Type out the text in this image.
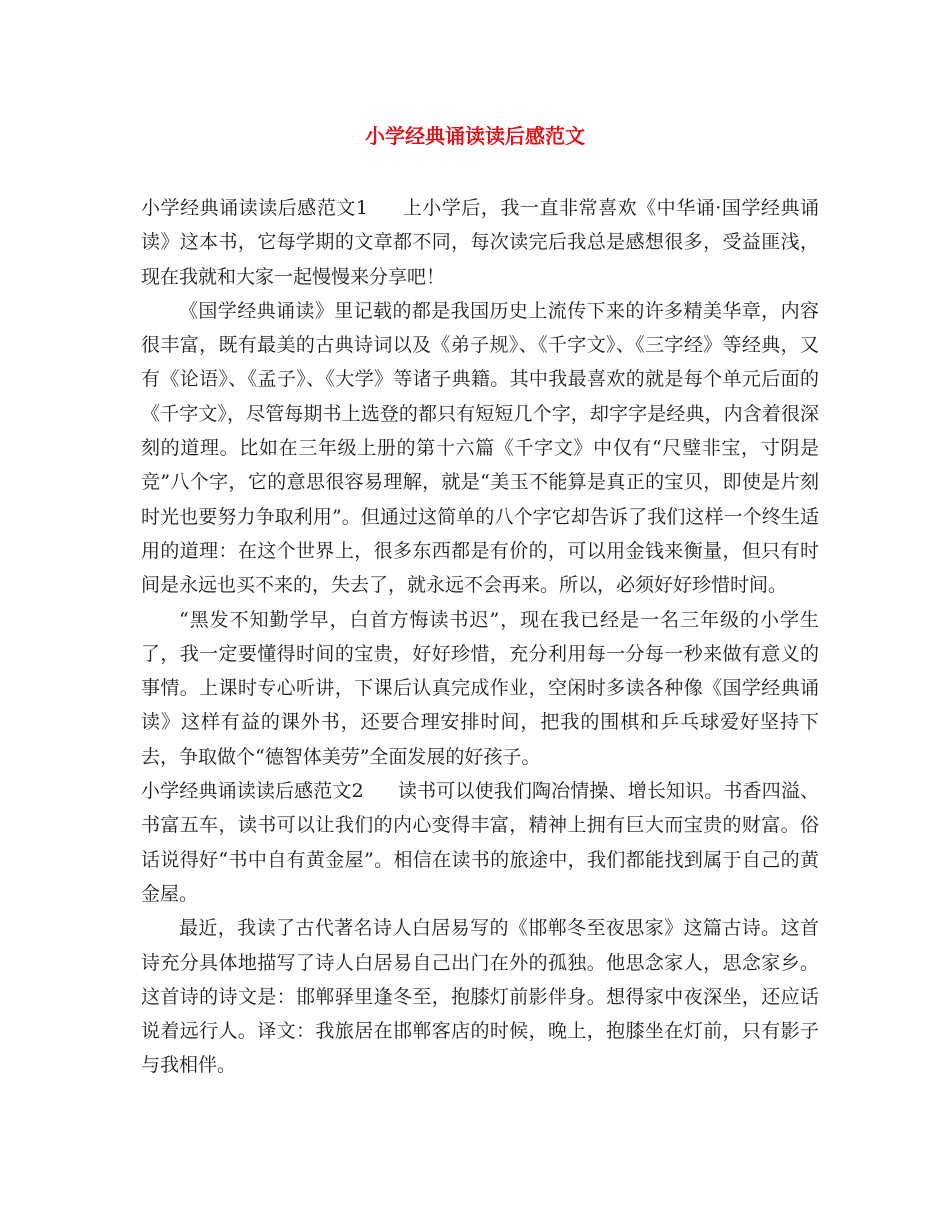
小学经典诵读读后感范文

小学经典诵读读后感范文1 上小学后，我一直非常喜欢《中华诵·国学经典诵读》这本书，它每学期的文章都不同，每次读完后我总是感想很多，受益匪浅，现在我就和大家一起慢慢来分享吧！

《国学经典诵读》里记载的都是我国历史上流传下来的许多精美华章，内容很丰富，既有最美的古典诗词以及《弟子规》、《千字文》、《三字经》等经典，又有《论语》、《孟子》、《大学》等诸子典籍。其中我最喜欢的就是每个单元后面的《千字文》，尽管每期书上选登的都只有短短几个字，却字字是经典，内含着很深刻的道理。比如在三年级上册的第十六篇《千字文》中仅有“尺璧非宝，寸阴是竞”八个字，它的意思很容易理解，就是“美玉不能算是真正的宝贝，即使是片刻时光也要努力争取利用”。但通过这简单的八个字它却告诉了我们这样一个终生适用的道理：在这个世界上，很多东西都是有价的，可以用金钱来衡量，但只有时间是永远也买不来的，失去了，就永远不会再来。所以，必须好好珍惜时间。

“黑发不知勤学早，白首方悔读书迟”，现在我已经是一名三年级的小学生了，我一定要懂得时间的宝贵，好好珍惜，充分利用每一分每一秒来做有意义的事情。上课时专心听讲，下课后认真完成作业，空闲时多读各种像《国学经典诵读》这样有益的课外书，还要合理安排时间，把我的围棋和乒乓球爱好坚持下去，争取做个“德智体美劳”全面发展的好孩子。

小学经典诵读读后感范文2 读书可以使我们陶冶情操、增长知识。书香四溢、书富五车，读书可以让我们的内心变得丰富，精神上拥有巨大而宝贵的财富。俗话说得好“书中自有黄金屋”。相信在读书的旅途中，我们都能找到属于自己的黄金屋。

最近，我读了古代著名诗人白居易写的《邯郸冬至夜思家》这篇古诗。这首诗充分具体地描写了诗人白居易自己出门在外的孤独。他思念家人，思念家乡。这首诗的诗文是：邯郸驿里逢冬至，抱膝灯前影伴身。想得家中夜深坐，还应话说着远行人。译文：我旅居在邯郸客店的时候，晚上，抱膝坐在灯前，只有影子与我相伴。
